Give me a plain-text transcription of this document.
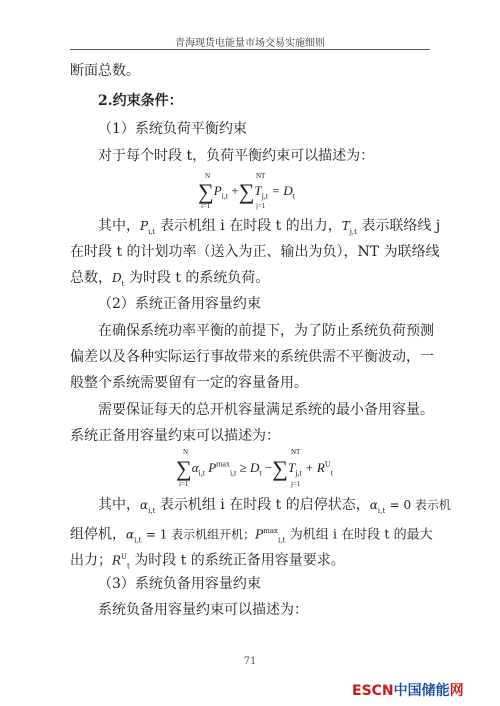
青海现货电能量市场交易实施细则
断面总数。
2.约束条件：
（1）系统负荷平衡约束
对于每个时段 t，负荷平衡约束可以描述为：
N
i=1
NT
j=1
$\sum P_{i,t} +\sum T_{j,t} = D_t$
其中，$P_{i,t}$ 表示机组 i 在时段 t 的出力，$T_{j,t}$ 表示联络线 j
在时段 t 的计划功率（送入为正、输出为负），NT 为联络线
总数，$D_t$ 为时段 t 的系统负荷。
（2）系统正备用容量约束
在确保系统功率平衡的前提下，为了防止系统负荷预测
偏差以及各种实际运行事故带来的系统供需不平衡波动，一
般整个系统需要留有一定的容量备用。
需要保证每天的总开机容量满足系统的最小备用容量。
系统正备用容量约束可以描述为：
N
i=1
NT
j=1
$\sum\alpha_{i,t}$ $P^{max}_{i,t} \ge D_t -\sum T_{j,t} + R^U_t$
其中，$\alpha_{i,t}$ 表示机组 i 在时段 t 的启停状态，$\alpha_{i,t} = 0$ 表示机
组停机，$\alpha_{i,t} = 1$ 表示机组开机；$P^{max}_{i,t}$ 为机组 i 在时段 t 的最大
出力；$R^U_t$ 为时段 t 的系统正备用容量要求。
（3）系统负备用容量约束
系统负备用容量约束可以描述为：
71
ESCN中国储能网
